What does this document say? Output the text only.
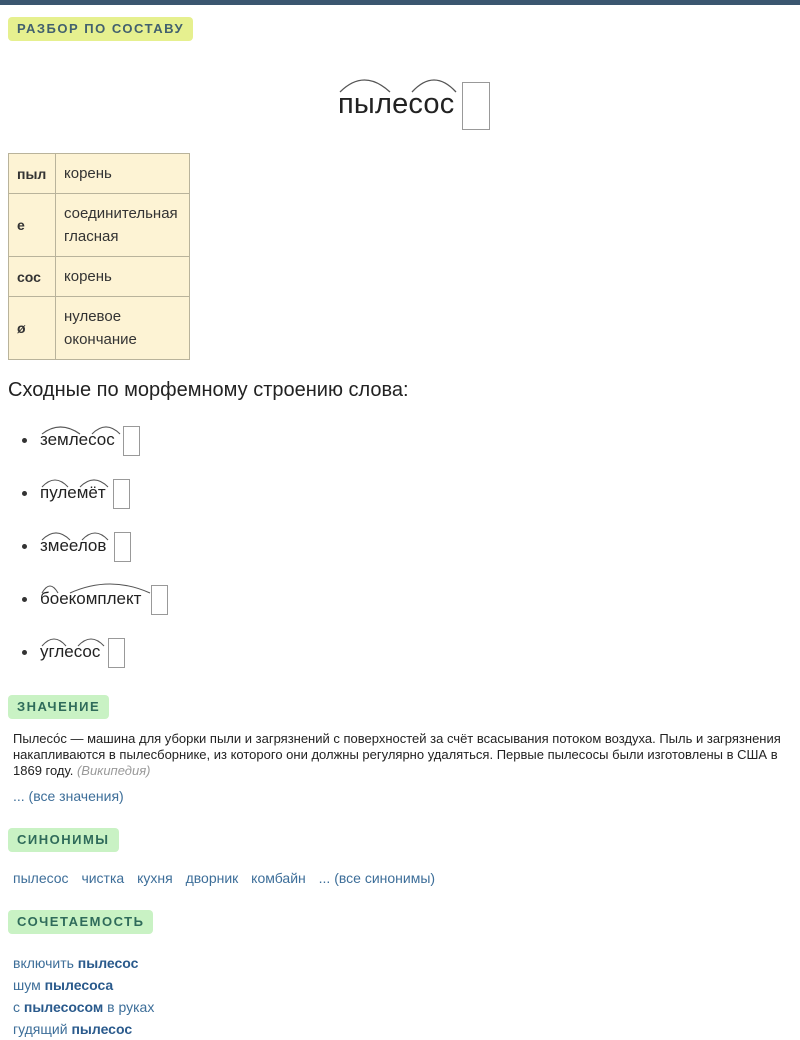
РАЗБОР ПО СОСТАВУ
пылесос
пыл	корень
е	соединительная гласная
сос	корень
ø	нулевое окончание
Сходные по морфемному строению слова:
землесос
пулемёт
змеелов
боекомплект
углесос
ЗНАЧЕНИЕ
Пылесо́с — машина для уборки пыли и загрязнений с поверхностей за счёт всасывания потоком воздуха. Пыль и загрязнения накапливаются в пылесборнике, из которого они должны регулярно удаляться. Первые пылесосы были изготовлены в США в 1869 году. (Википедия)
... (все значения)
СИНОНИМЫ
пылесос чистка кухня дворник комбайн ... (все синонимы)
СОЧЕТАЕМОСТЬ
включить пылесос
шум пылесоса
с пылесосом в руках
гудящий пылесос
